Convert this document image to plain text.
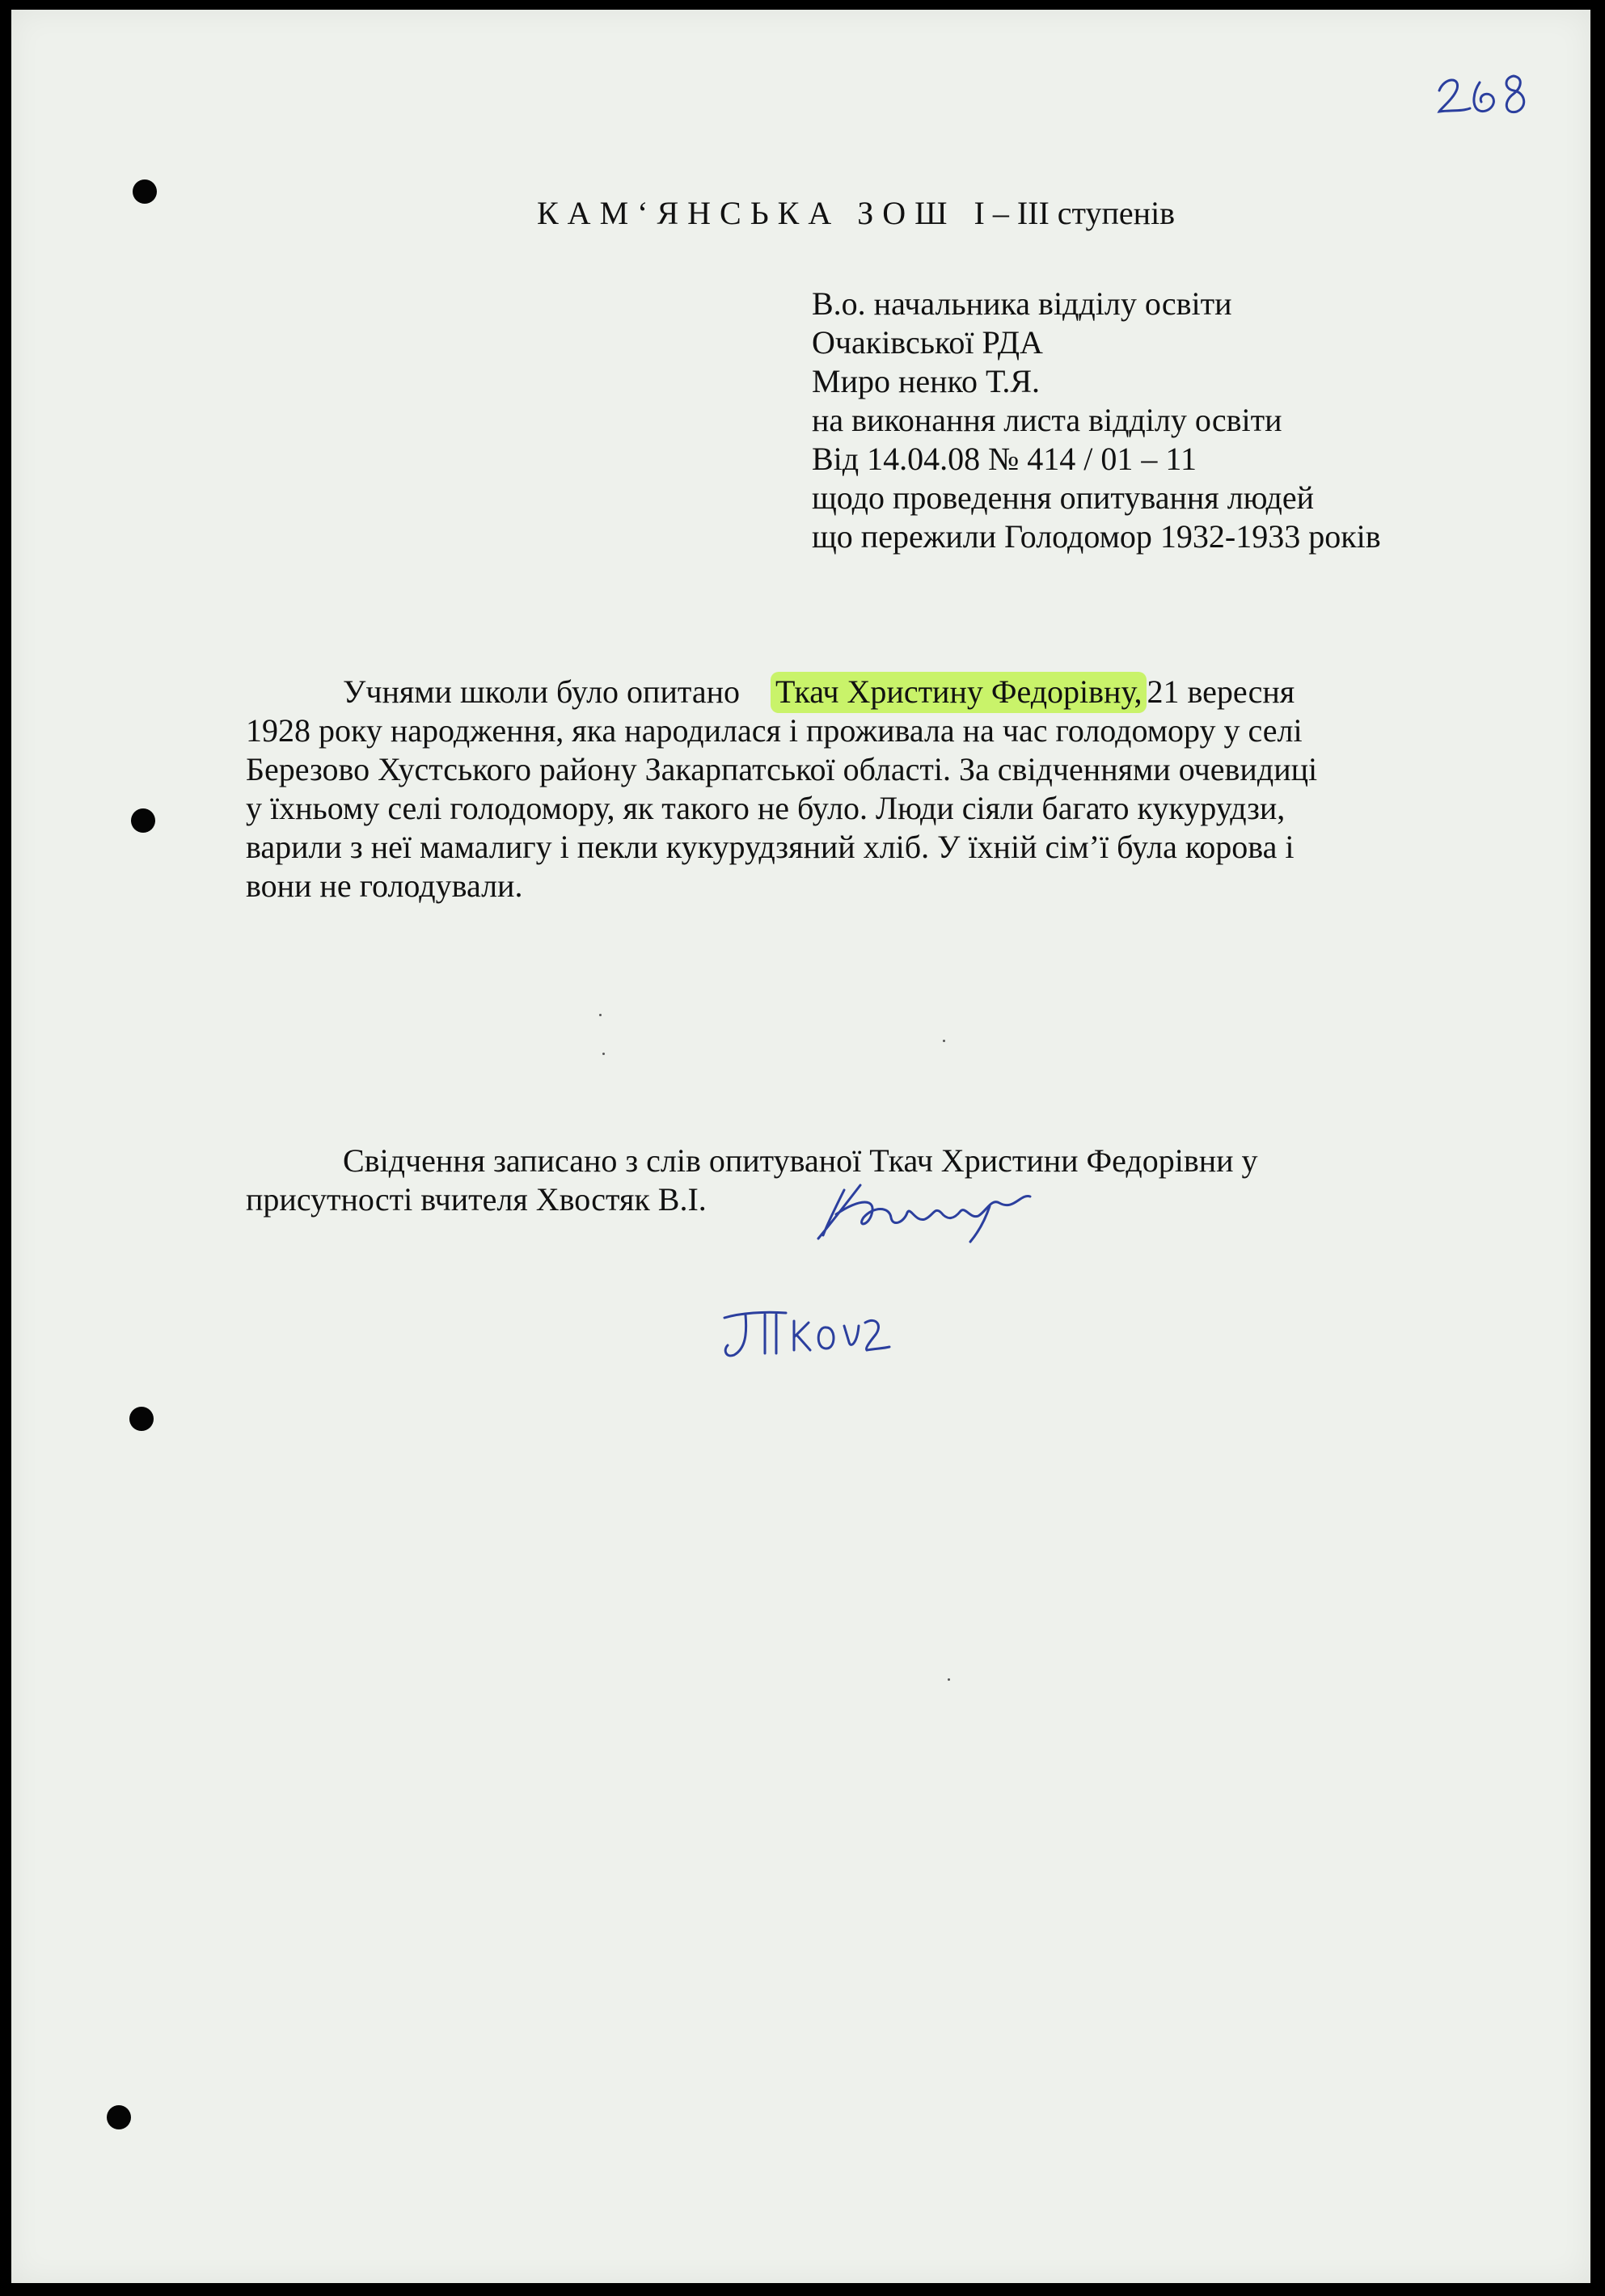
258
КАМ‘ЯНСЬКА ЗОШ I – III ступенів
В.о. начальника відділу освіти
Очаківської РДА
Миро ненко Т.Я.
на виконання листа відділу освіти
Від 14.04.08 № 414 / 01 – 11
щодо проведення опитування людей
що пережили Голодомор 1932-1933 років
Учнями школи було опитано Ткач Христину Федорівну, 21 вересня
1928 року народження, яка народилася і проживала на час голодомору у селі
Березово Хустського району Закарпатської області. За свідченнями очевидиці
у їхньому селі голодомору, як такого не було. Люди сіяли багато кукурудзи,
варили з неї мамалигу і пекли кукурудзяний хліб. У їхній сім’ї була корова і
вони не голодували.
Свідчення записано з слів опитуваної Ткач Христини Федорівни у
присутності вчителя Хвостяк В.І.
